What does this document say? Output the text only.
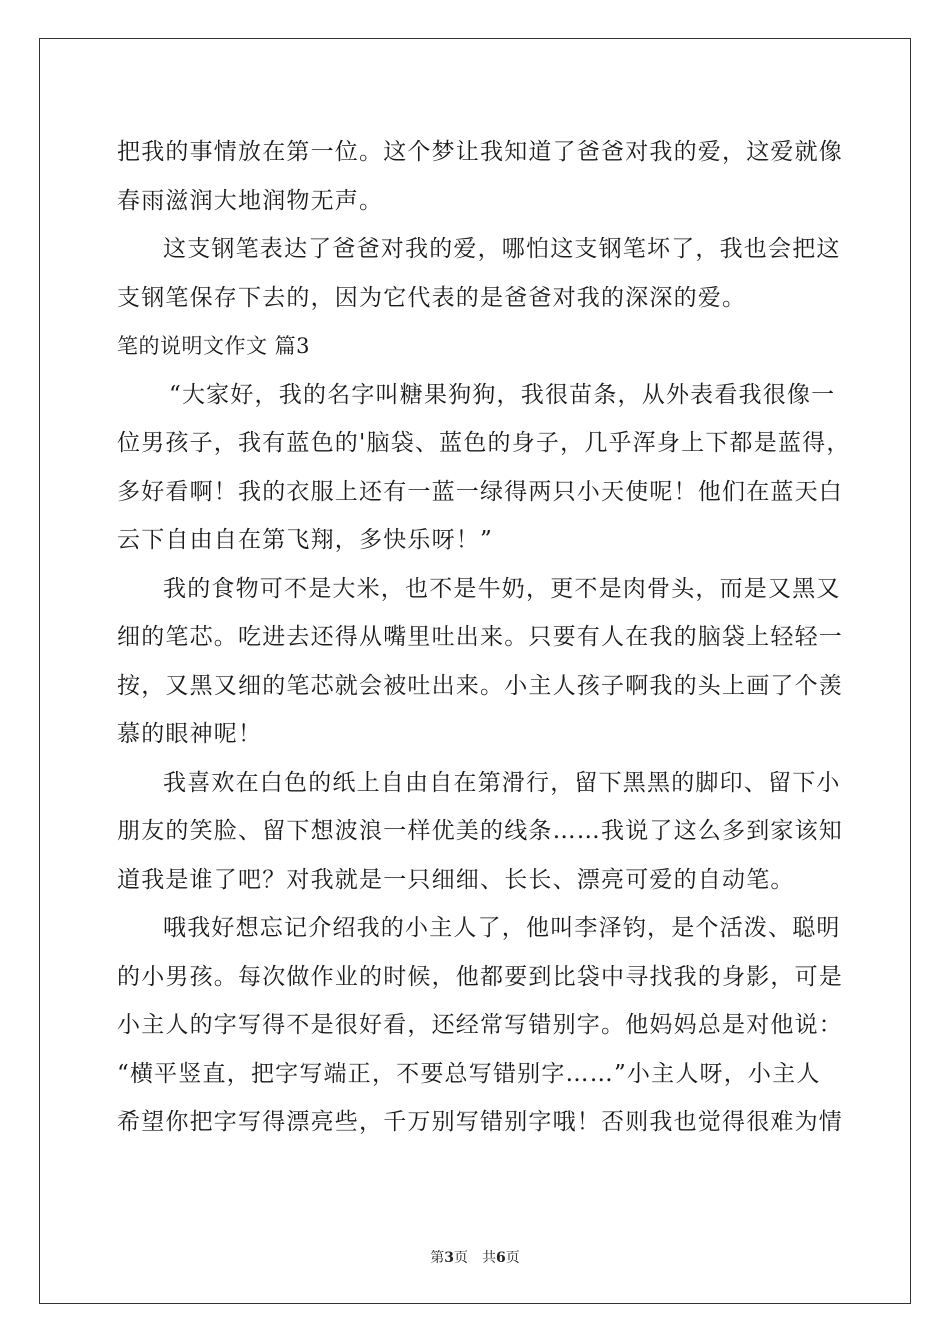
把我的事情放在第一位。这个梦让我知道了爸爸对我的爱，这爱就像
春雨滋润大地润物无声。
这支钢笔表达了爸爸对我的爱，哪怕这支钢笔坏了，我也会把这
支钢笔保存下去的，因为它代表的是爸爸对我的深深的爱。
笔的说明文作文 篇3
“大家好，我的名字叫糖果狗狗，我很苗条，从外表看我很像一
位男孩子，我有蓝色的'脑袋、蓝色的身子，几乎浑身上下都是蓝得，
多好看啊！我的衣服上还有一蓝一绿得两只小天使呢！他们在蓝天白
云下自由自在第飞翔，多快乐呀！”
我的食物可不是大米，也不是牛奶，更不是肉骨头，而是又黑又
细的笔芯。吃进去还得从嘴里吐出来。只要有人在我的脑袋上轻轻一
按，又黑又细的笔芯就会被吐出来。小主人孩子啊我的头上画了个羡
慕的眼神呢！
我喜欢在白色的纸上自由自在第滑行，留下黑黑的脚印、留下小
朋友的笑脸、留下想波浪一样优美的线条……我说了这么多到家该知
道我是谁了吧？对我就是一只细细、长长、漂亮可爱的自动笔。
哦我好想忘记介绍我的小主人了，他叫李泽钧，是个活泼、聪明
的小男孩。每次做作业的时候，他都要到比袋中寻找我的身影，可是
小主人的字写得不是很好看，还经常写错别字。他妈妈总是对他说：
“横平竖直，把字写端正，不要总写错别字……”小主人呀，小主人
希望你把字写得漂亮些，千万别写错别字哦！否则我也觉得很难为情
第3页　共6页
